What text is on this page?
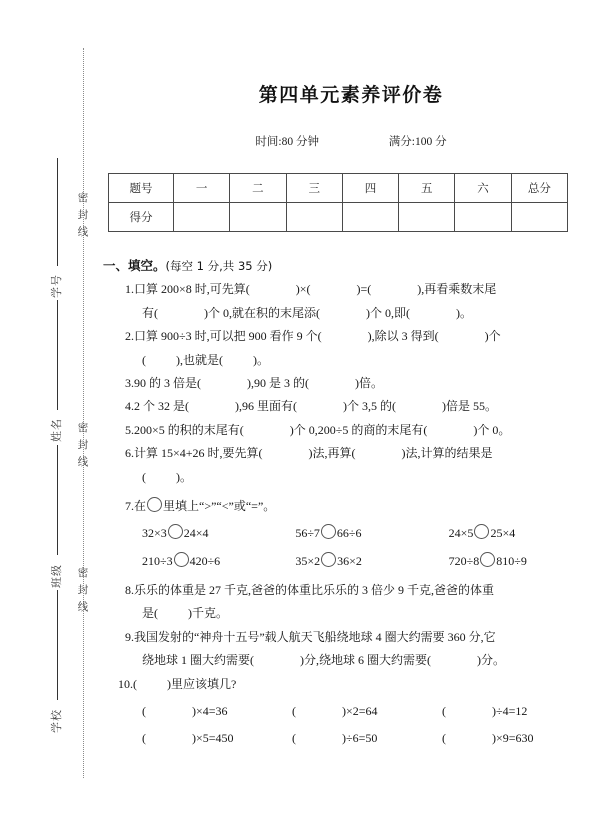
密
封
线
密
封
线
密
封
线
学号
姓名
班级
学校
第四单元素养评价卷
时间:80 分钟	满分:100 分
题号	一	二	三	四	五	六	总分
得分							
一、填空。(每空 1 分,共 35 分)
1.口算 200×8 时,可先算(	)×(	)=(	),再看乘数末尾
有(	)个 0,就在积的末尾添(	)个 0,即(	)。
2.口算 900÷3 时,可以把 900 看作 9 个(	),除以 3 得到(	)个
(	),也就是(	)。
3.90 的 3 倍是(	),90 是 3 的(	)倍。
4.2 个 32 是(	),96 里面有(	)个 3,5 的(	)倍是 55。
5.200×5 的积的末尾有(	)个 0,200÷5 的商的末尾有(	)个 0。
6.计算 15×4+26 时,要先算(	)法,再算(	)法,计算的结果是
(	)。
7.在 里填上“>”“<”或“=”。
32×3 24×4	56÷7 66÷6	24×5 25×4
210÷3 420÷6	35×2 36×2	720÷8 810÷9
8.乐乐的体重是 27 千克,爸爸的体重比乐乐的 3 倍少 9 千克,爸爸的体重
是(	)千克。
9.我国发射的“神舟十五号”载人航天飞船绕地球 4 圈大约需要 360 分,它
绕地球 1 圈大约需要(	)分,绕地球 6 圈大约需要(	)分。
10.(	)里应该填几?
(	)×4=36	(	)×2=64	(	)÷4=12
(	)×5=450	(	)÷6=50	(	)×9=630
